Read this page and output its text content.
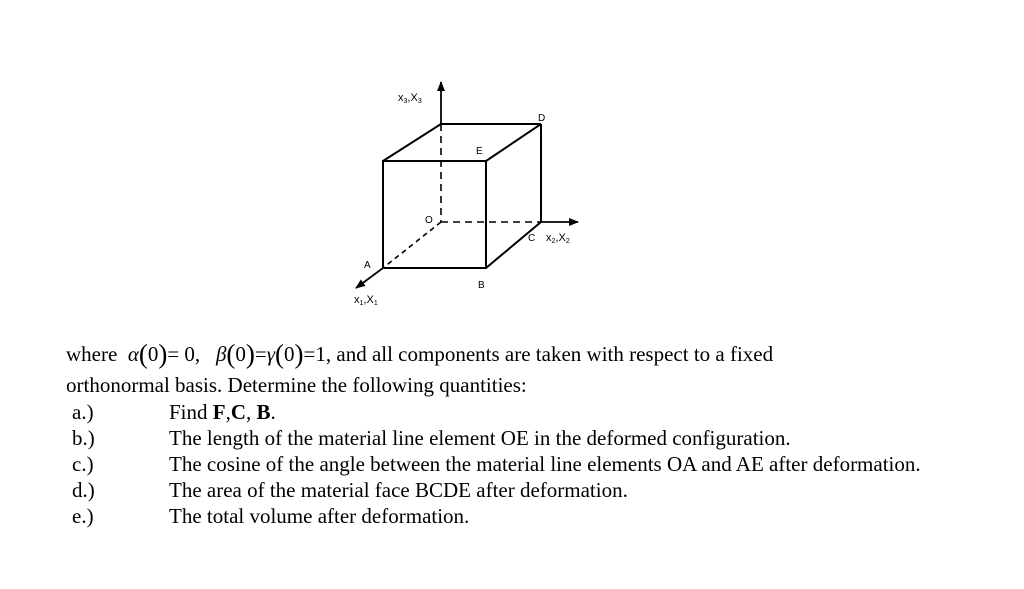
D
E
O
C
A
B
x3,X3
x2,X2
x1,X1
where α(0)= 0, β(0)=γ(0)=1, and all components are taken with respect to a fixed
orthonormal basis. Determine the following quantities:
a.)	Find F,C, B.
b.)	The length of the material line element OE in the deformed configuration.
c.)	The cosine of the angle between the material line elements OA and AE after deformation.
d.)	The area of the material face BCDE after deformation.
e.)	The total volume after deformation.
